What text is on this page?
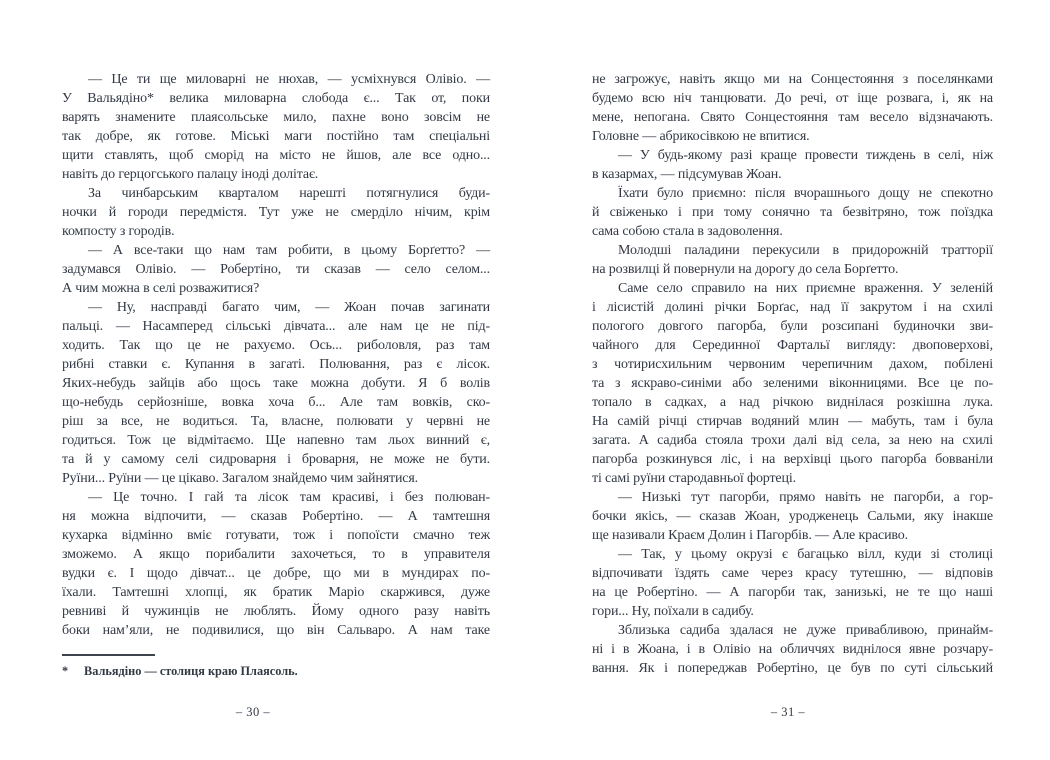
— Це ти ще миловарні не нюхав, — усміхнувся Олівіо. —
У Вальядіно* велика миловарна слобода є... Так от, поки
варять знамените плаясольське мило, пахне воно зовсім не
так добре, як готове. Міські маги постійно там спеціальні
щити ставлять, щоб сморід на місто не йшов, але все одно...
навіть до герцогського палацу іноді долітає.
За чинбарським кварталом нарешті потягнулися буди-
ночки й городи передмістя. Тут уже не смерділо нічим, крім
компосту з городів.
— А все-таки що нам там робити, в цьому Борґетто? —
задумався Олівіо. — Робертіно, ти сказав — село селом...
А чим можна в селі розважитися?
— Ну, насправді багато чим, — Жоан почав загинати
пальці. — Насамперед сільські дівчата... але нам це не під-
ходить. Так що це не рахуємо. Ось... риболовля, раз там
рибні ставки є. Купання в загаті. Полювання, раз є лісок.
Яких-небудь зайців або щось таке можна добути. Я б волів
що-небудь серйозніше, вовка хоча б... Але там вовків, ско-
ріш за все, не водиться. Та, власне, полювати у червні не
годиться. Тож це відмітаємо. Ще напевно там льох винний є,
та й у самому селі сидроварня і броварня, не може не бути.
Руїни... Руїни — це цікаво. Загалом знайдемо чим зайнятися.
— Це точно. І гай та лісок там красиві, і без полюван-
ня можна відпочити, — сказав Робертіно. — А тамтешня
кухарка відмінно вміє готувати, тож і попоїсти смачно теж
зможемо. А якщо порибалити захочеться, то в управителя
вудки є. І щодо дівчат... це добре, що ми в мундирах по-
їхали. Тамтешні хлопці, як братик Маріо скаржився, дуже
ревниві й чужинців не люблять. Йому одного разу навіть
боки нам’яли, не подивилися, що він Сальваро. А нам таке
*	Вальядіно — столиця краю Плаясоль.
– 30 –
не загрожує, навіть якщо ми на Сонцестояння з поселянками
будемо всю ніч танцювати. До речі, от іще розвага, і, як на
мене, непогана. Свято Сонцестояння там весело відзначають.
Головне — абрикосівкою не впитися.
— У будь-якому разі краще провести тиждень в селі, ніж
в казармах, — підсумував Жоан.
Їхати було приємно: після вчорашнього дощу не спекотно
й свіженько і при тому сонячно та безвітряно, тож поїздка
сама собою стала в задоволення.
Молодші паладини перекусили в придорожній тратторії
на розвилці й повернули на дорогу до села Борґетто.
Саме село справило на них приємне враження. У зеленій
і лісистій долині річки Борґас, над її закрутом і на схилі
пологого довгого пагорба, були розсипані будиночки зви-
чайного для Серединної Фартальї вигляду: двоповерхові,
з чотирисхильним червоним черепичним дахом, побілені
та з яскраво-синіми або зеленими віконницями. Все це по-
топало в садках, а над річкою виднілася розкішна лука.
На самій річці стирчав водяний млин — мабуть, там і була
загата. А садиба стояла трохи далі від села, за нею на схилі
пагорба розкинувся ліс, і на верхівці цього пагорба бовваніли
ті самі руїни стародавньої фортеці.
— Низькі тут пагорби, прямо навіть не пагорби, а гор-
бочки якісь, — сказав Жоан, уродженець Сальми, яку інакше
ще називали Краєм Долин і Пагорбів. — Але красиво.
— Так, у цьому окрузі є багацько вілл, куди зі столиці
відпочивати їздять саме через красу тутешню, — відповів
на це Робертіно. — А пагорби так, занизькі, не те що наші
гори... Ну, поїхали в садибу.
Зблизька садиба здалася не дуже привабливою, принайм-
ні і в Жоана, і в Олівіо на обличчях виднілося явне розчару-
вання. Як і попереджав Робертіно, це був по суті сільський
– 31 –
